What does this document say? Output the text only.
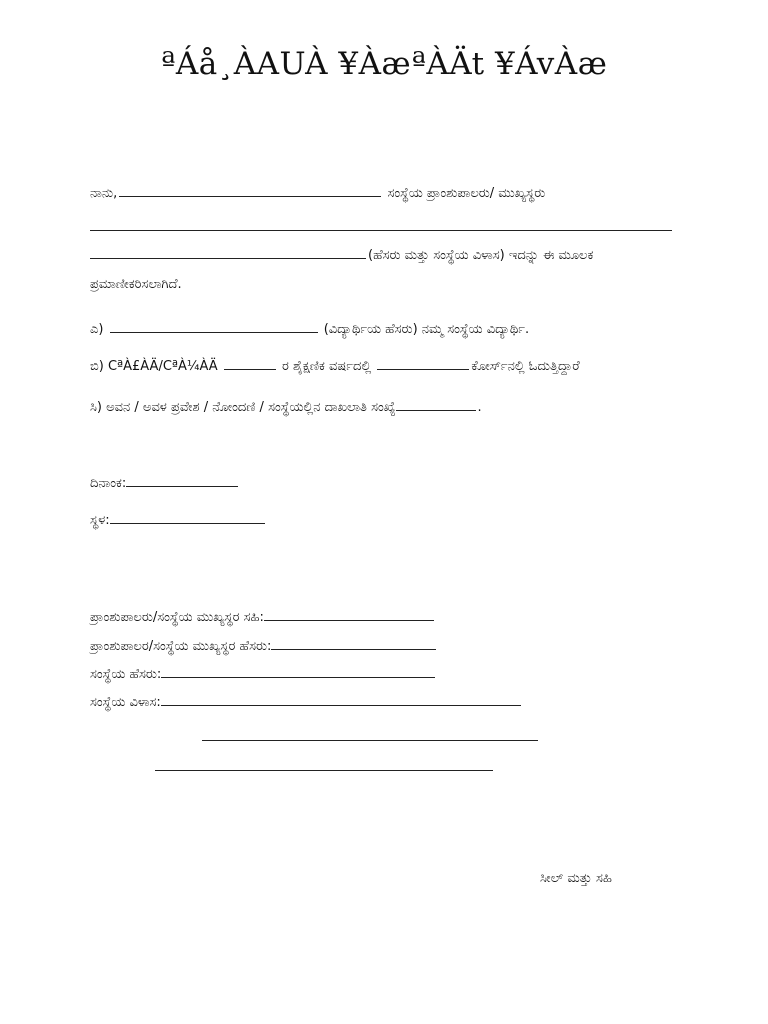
ªÁå¸ÀAUÀ ¥ÀæªÀÄt ¥ÁvÀæ
ನಾನು,	ಸಂಸ್ಥೆಯ ಪ್ರಾಂಶುಪಾಲರು/ ಮುಖ್ಯಸ್ಥರು
(ಹೆಸರು ಮತ್ತು ಸಂಸ್ಥೆಯ ವಿಳಾಸ) ಇದನ್ನು ಈ ಮೂಲಕ
ಪ್ರಮಾಣೀಕರಿಸಲಾಗಿದೆ.
ಎ)	(ವಿದ್ಯಾರ್ಥಿಯ ಹೆಸರು) ನಮ್ಮ ಸಂಸ್ಥೆಯ ವಿದ್ಯಾರ್ಥಿ.
ಬಿ) CªÀ£ÀÄ/CªÀ¼ÀÄ	ರ ಶೈಕ್ಷಣಿಕ ವರ್ಷದಲ್ಲಿ	ಕೋರ್ಸ್‌ನಲ್ಲಿ ಓದುತ್ತಿದ್ದಾರೆ
ಸಿ) ಅವನ / ಅವಳ ಪ್ರವೇಶ / ನೋಂದಣಿ / ಸಂಸ್ಥೆಯಲ್ಲಿನ ದಾಖಲಾತಿ ಸಂಖ್ಯೆ	.
ದಿನಾಂಕ:
ಸ್ಥಳ:
ಪ್ರಾಂಶುಪಾಲರು/ಸಂಸ್ಥೆಯ ಮುಖ್ಯಸ್ಥರ ಸಹಿ:
ಪ್ರಾಂಶುಪಾಲರ/ಸಂಸ್ಥೆಯ ಮುಖ್ಯಸ್ಥರ ಹೆಸರು:
ಸಂಸ್ಥೆಯ ಹೆಸರು:
ಸಂಸ್ಥೆಯ ವಿಳಾಸ:
ಸೀಲ್ ಮತ್ತು ಸಹಿ
